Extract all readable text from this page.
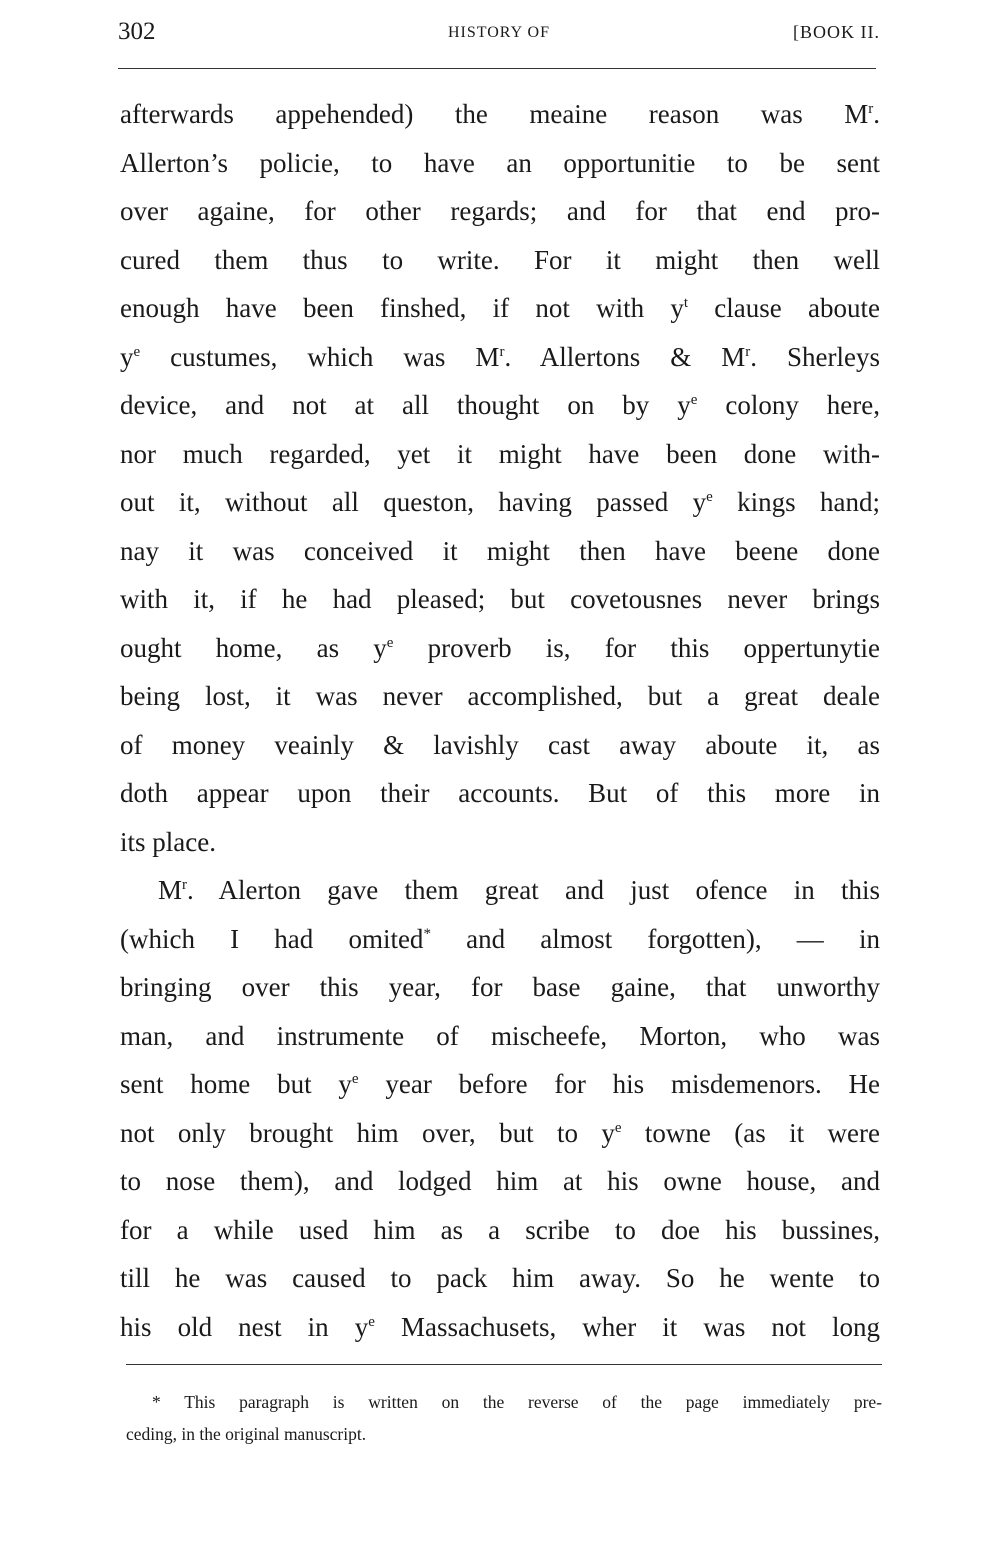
302	HISTORY OF	[BOOK II.
afterwards appehended) the meaine reason was $M^r$.
Allerton’s policie, to have an opportunitie to be sent
over againe, for other regards; and for that end pro-
cured them thus to write. For it might then well
enough have been finshed, if not with $y^t$ clause aboute
$y^e$ custumes, which was $M^r$. Allertons & $M^r$. Sherleys
device, and not at all thought on by $y^e$ colony here,
nor much regarded, yet it might have been done with-
out it, without all queston, having passed $y^e$ kings hand;
nay it was conceived it might then have beene done
with it, if he had pleased; but covetousnes never brings
ought home, as $y^e$ proverb is, for this oppertunytie
being lost, it was never accomplished, but a great deale
of money veainly & lavishly cast away aboute it, as
doth appear upon their accounts. But of this more in
its place.
$M^r$. Alerton gave them great and just ofence in this
(which I had omited* and almost forgotten), — in
bringing over this year, for base gaine, that unworthy
man, and instrumente of mischeefe, Morton, who was
sent home but $y^e$ year before for his misdemenors. He
not only brought him over, but to $y^e$ towne (as it were
to nose them), and lodged him at his owne house, and
for a while used him as a scribe to doe his bussines,
till he was caused to pack him away. So he wente to
his old nest in $y^e$ Massachusets, wher it was not long
* This paragraph is written on the reverse of the page immediately pre-
ceding, in the original manuscript.
